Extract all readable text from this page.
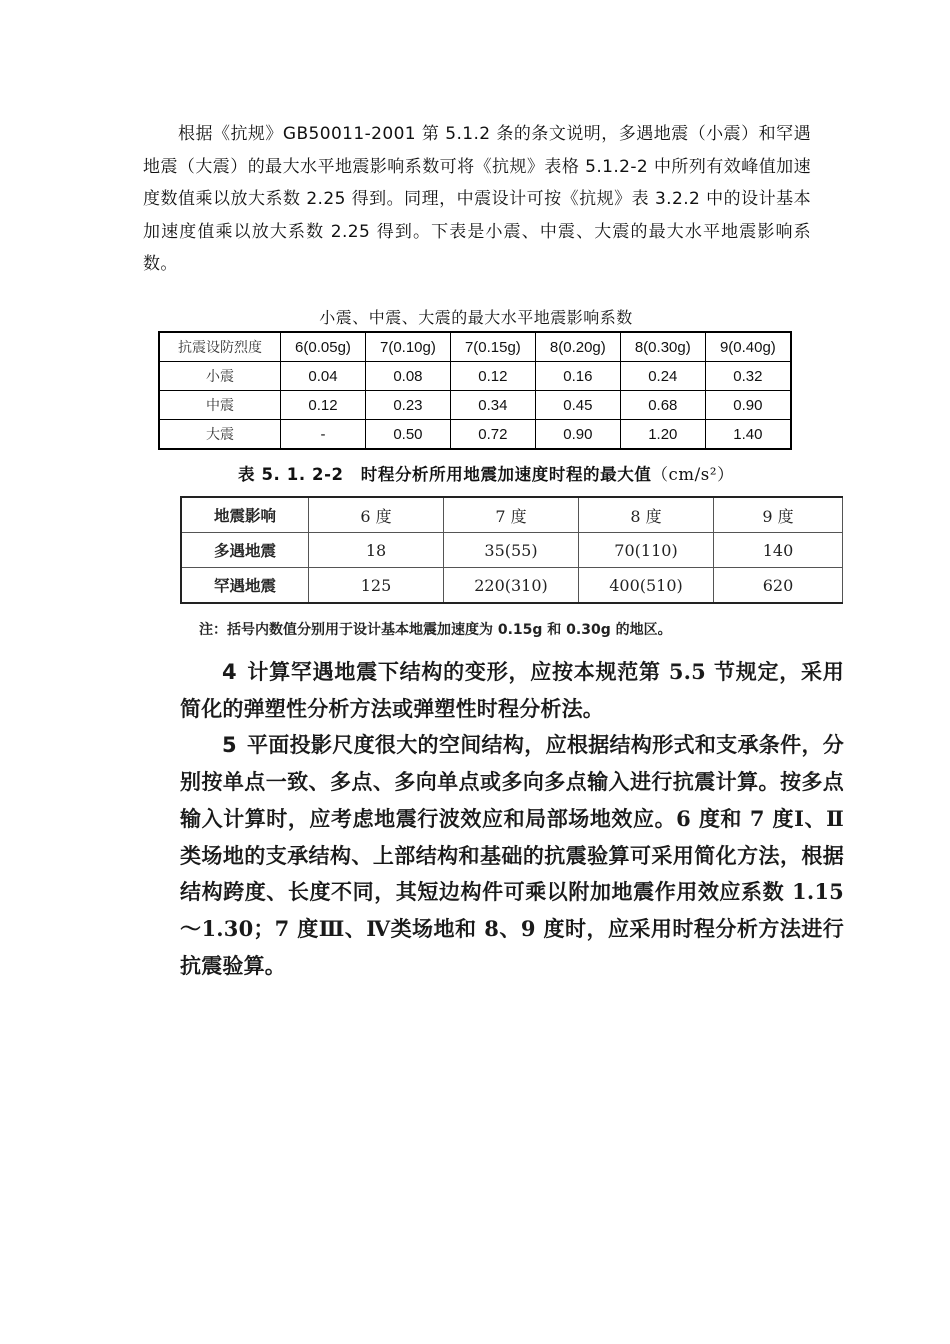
根据《抗规》GB50011-2001 第 5.1.2 条的条文说明，多遇地震（小震）和罕遇地震（大震）的最大水平地震影响系数可将《抗规》表格 5.1.2-2 中所列有效峰值加速度数值乘以放大系数 2.25 得到。同理，中震设计可按《抗规》表 3.2.2 中的设计基本加速度值乘以放大系数 2.25 得到。下表是小震、中震、大震的最大水平地震影响系数。

小震、中震、大震的最大水平地震影响系数
抗震设防烈度	6(0.05g)	7(0.10g)	7(0.15g)	8(0.20g)	8(0.30g)	9(0.40g)
小震	0.04	0.08	0.12	0.16	0.24	0.32
中震	0.12	0.23	0.34	0.45	0.68	0.90
大震	-	0.50	0.72	0.90	1.20	1.40
表 5. 1. 2-2　时程分析所用地震加速度时程的最大值（cm/s²）
地震影响	6 度	7 度	8 度	9 度
多遇地震	18	35(55)	70(110)	140
罕遇地震	125	220(310)	400(510)	620
注：括号内数值分别用于设计基本地震加速度为 0.15g 和 0.30g 的地区。

4 计算罕遇地震下结构的变形，应按本规范第 5.5 节规定，采用简化的弹塑性分析方法或弹塑性时程分析法。

5 平面投影尺度很大的空间结构，应根据结构形式和支承条件，分别按单点一致、多点、多向单点或多向多点输入进行抗震计算。按多点输入计算时，应考虑地震行波效应和局部场地效应。6 度和 7 度Ⅰ、Ⅱ类场地的支承结构、上部结构和基础的抗震验算可采用简化方法，根据结构跨度、长度不同，其短边构件可乘以附加地震作用效应系数 1.15～1.30；7 度Ⅲ、Ⅳ类场地和 8、9 度时，应采用时程分析方法进行抗震验算。
